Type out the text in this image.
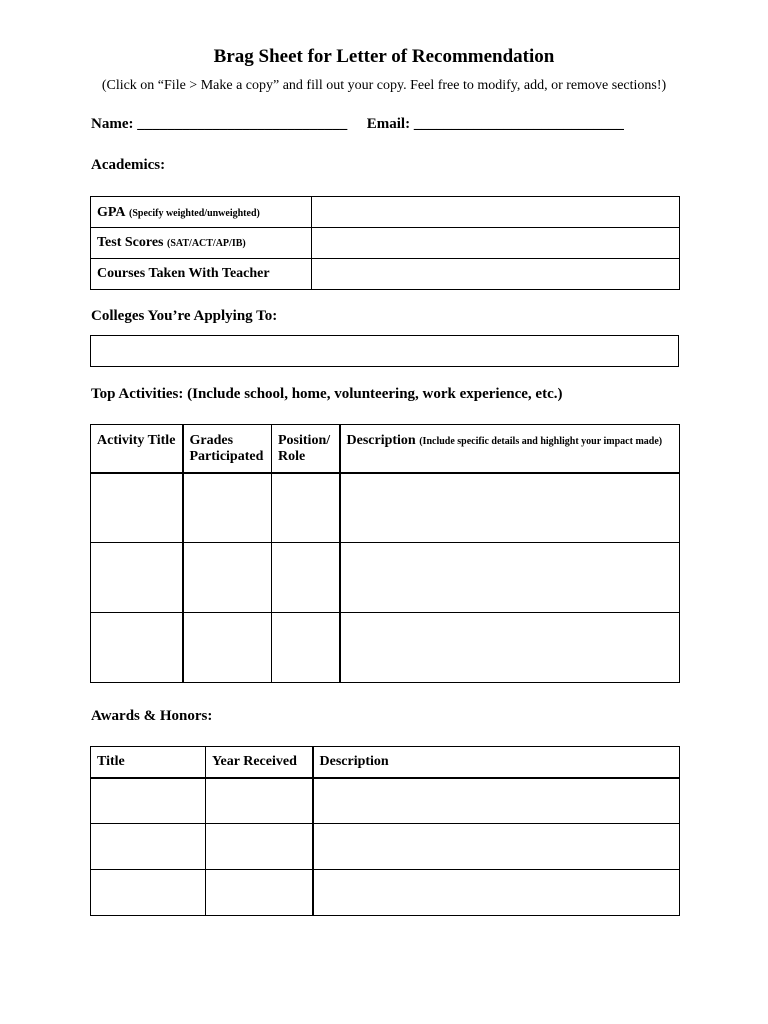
Brag Sheet for Letter of Recommendation
(Click on “File > Make a copy” and fill out your copy. Feel free to modify, add, or remove sections!)
Name: ____________________________ Email: ____________________________
Academics:
GPA (Specify weighted/unweighted)	
Test Scores (SAT/ACT/AP/IB)	
Courses Taken With Teacher	
Colleges You’re Applying To:
Top Activities: (Include school, home, volunteering, work experience, etc.)
Activity Title	Grades Participated	Position/ Role	Description (Include specific details and highlight your impact made)

Awards & Honors:
Title	Year Received	Description
